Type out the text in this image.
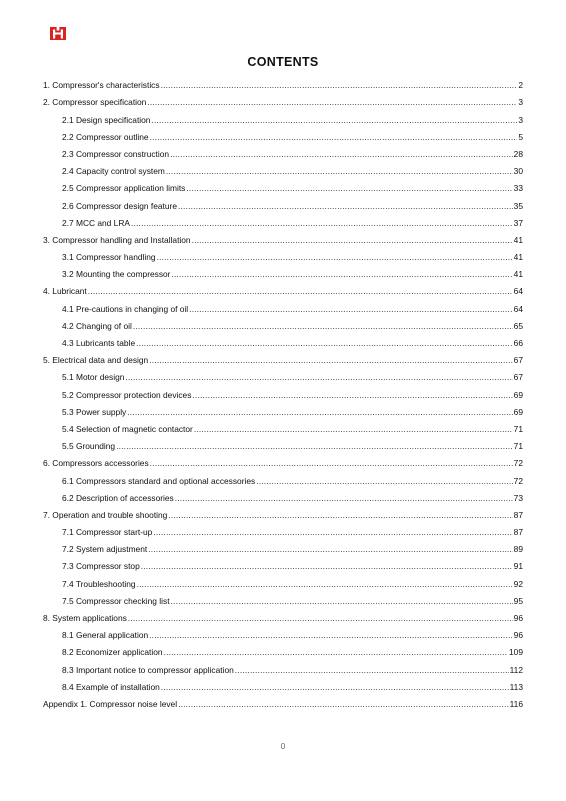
CONTENTS
1. Compressor's characteristics .....	2
2. Compressor specification .....	3
2.1 Design specification .....	3
2.2 Compressor outline .....	5
2.3 Compressor construction .....	28
2.4 Capacity control system .....	30
2.5 Compressor application limits .....	33
2.6 Compressor design feature .....	35
2.7 MCC and LRA .....	37
3. Compressor handling and Installation .....	41
3.1 Compressor handling .....	41
3.2 Mounting the compressor .....	41
4. Lubricant .....	64
4.1 Pre-cautions in changing of oil .....	64
4.2 Changing of oil .....	65
4.3 Lubricants table .....	66
5. Electrical data and design .....	67
5.1 Motor design .....	67
5.2 Compressor protection devices .....	69
5.3 Power supply .....	69
5.4 Selection of magnetic contactor .....	71
5.5 Grounding .....	71
6. Compressors accessories .....	72
6.1 Compressors standard and optional accessories .....	72
6.2 Description of accessories .....	73
7. Operation and trouble shooting .....	87
7.1 Compressor start-up .....	87
7.2 System adjustment .....	89
7.3 Compressor stop .....	91
7.4 Troubleshooting .....	92
7.5 Compressor checking list .....	95
8. System applications .....	96
8.1 General application .....	96
8.2 Economizer application .....	109
8.3 Important notice to compressor application .....	112
8.4 Example of installation .....	113
Appendix 1. Compressor noise level .....	116
0
